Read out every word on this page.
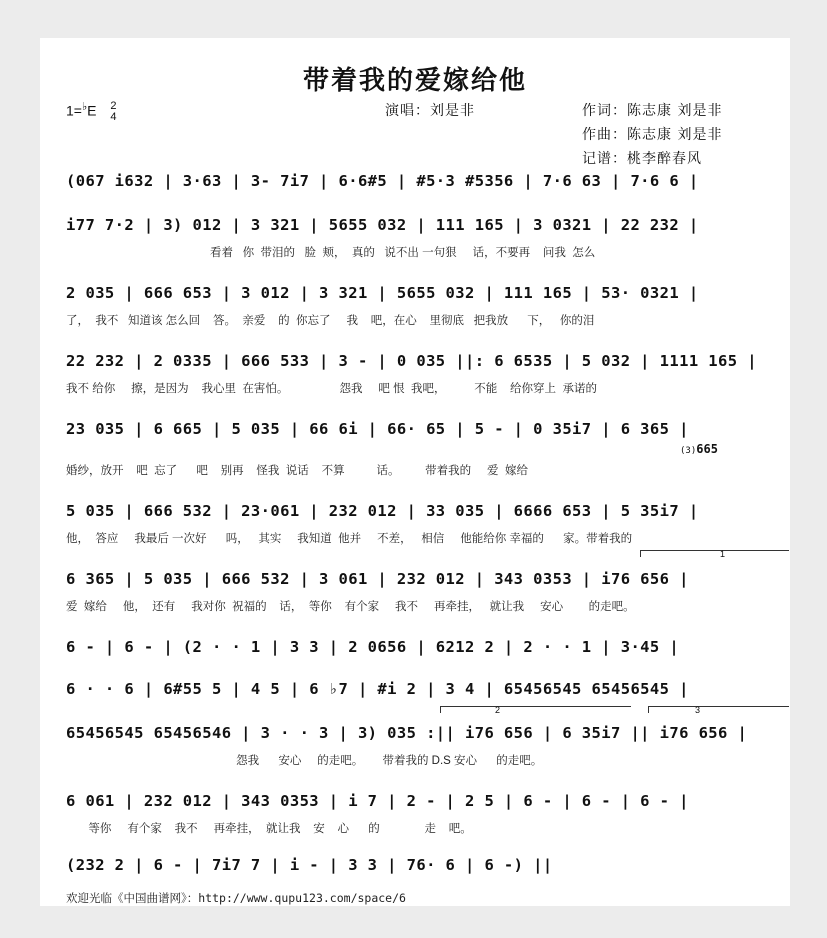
带着我的爱嫁给他
1=♭E 2
4	演唱：刘是非	作词：陈志康 刘是非
作曲：陈志康 刘是非
记谱：桃李醉春风
(067 i632 | 3·63 | 3- 7i7 | 6·6#5 | #5·3 #5356 | 7·6 63 | 7·6 6 |
i77 7·2 | 3) 012 | 3 321 | 5655 032 | 111 165 | 3 0321 | 22 232 |
看着   你  带泪的   脸  颊，  真的   说不出 一句狠     话，不要再    问我  怎么
2 035 | 666 653 | 3 012 | 3 321 | 5655 032 | 111 165 | 53· 0321 |
了，  我不   知道该 怎么回    答。  亲爱    的  你忘了     我    吧，在心    里彻底   把我放      下，   你的泪
22 232 | 2 0335 | 666 533 | 3 - | 0 035 ||: 6 6535 | 5 032 | 1111 165 |
我不 给你     擦，是因为    我心里  在害怕。                怨我     吧 恨  我吧，         不能    给你穿上  承诺的
23 035 | 6 665 | 5 035 | 66 6i | 66· 65 | 5 - | 0 35i7 | 6 365 |
(3)665
婚纱，放开    吧  忘了      吧    别再    怪我  说话    不算          话。        带着我的     爱  嫁给
5 035 | 666 532 | 23·061 | 232 012 | 33 035 | 6666 653 | 5 35i7 |
他，  答应     我最后 一次好      吗，   其实     我知道  他并     不差，   相信     他能给你 幸福的      家。带着我的
1
6 365 | 5 035 | 666 532 | 3 061 | 232 012 | 343 0353 | i76 656 |
爱  嫁给     他，  还有     我对你  祝福的    话，  等你    有个家     我不     再牵挂，   就让我     安心        的走吧。
6 - | 6 - | (2 · · 1 | 3 3 | 2 0656 | 6212 2 | 2 · · 1 | 3·45 |
6 · · 6 | 6#55 5 | 4 5 | 6 ♭7 | #i 2 | 3 4 | 65456545 65456545 |
2	3
65456545 65456546 | 3 · · 3 | 3) 035 :|| i76 656 | 6 35i7 || i76 656 |
怨我      安心     的走吧。      带着我的 D.S 安心      的走吧。
6 061 | 232 012 | 343 0353 | i 7 | 2 - | 2 5 | 6 - | 6 - | 6 - |
等你     有个家    我不     再牵挂，  就让我    安    心      的              走    吧。
(232 2 | 6 - | 7i7 7 | i - | 3 3 | 76· 6 | 6 -) ||
欢迎光临《中国曲谱网》：http://www.qupu123.com/space/6
